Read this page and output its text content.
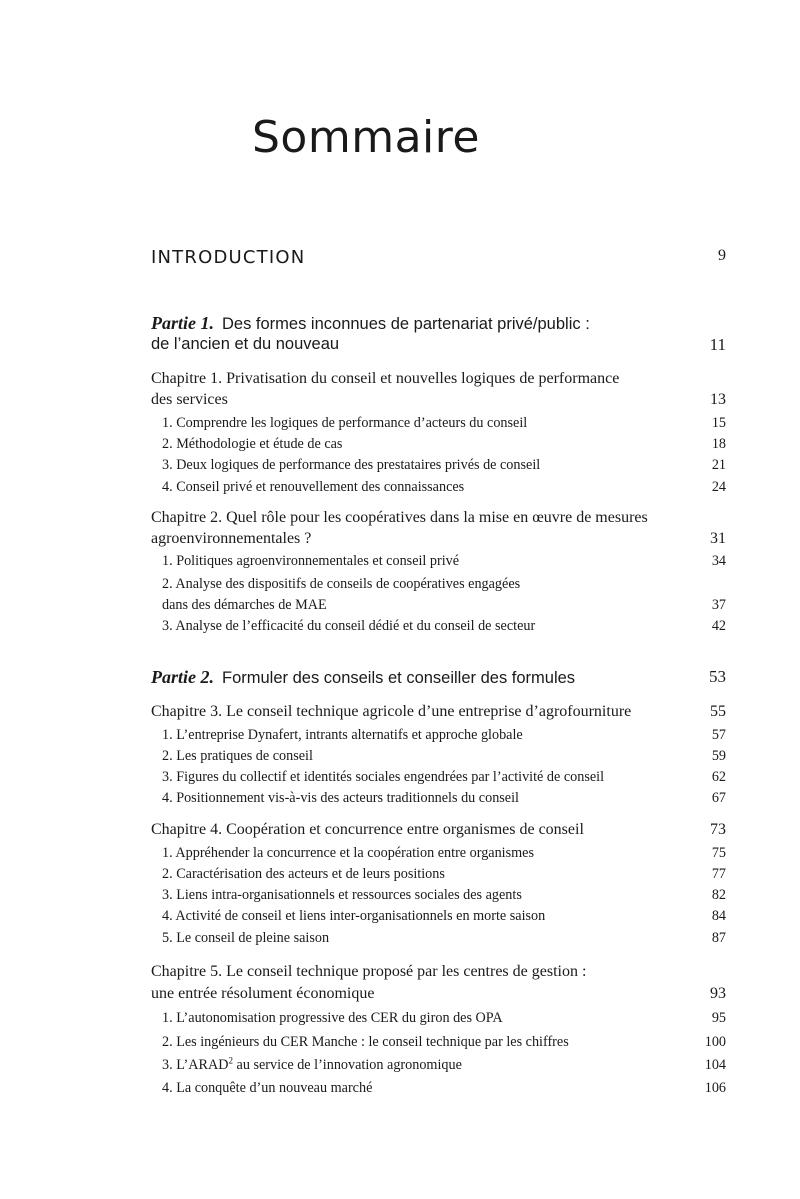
Sommaire
INTRODUCTION	9
Partie 1. Des formes inconnues de partenariat privé/public :
de l’ancien et du nouveau	11
Chapitre 1. Privatisation du conseil et nouvelles logiques de performance
des services	13
1. Comprendre les logiques de performance d’acteurs du conseil	15
2. Méthodologie et étude de cas	18
3. Deux logiques de performance des prestataires privés de conseil	21
4. Conseil privé et renouvellement des connaissances	24
Chapitre 2. Quel rôle pour les coopératives dans la mise en œuvre de mesures
agroenvironnementales ?	31
1. Politiques agroenvironnementales et conseil privé	34
2. Analyse des dispositifs de conseils de coopératives engagées
dans des démarches de MAE	37
3. Analyse de l’efficacité du conseil dédié et du conseil de secteur	42
Partie 2. Formuler des conseils et conseiller des formules	53
Chapitre 3. Le conseil technique agricole d’une entreprise d’agrofourniture	55
1. L’entreprise Dynafert, intrants alternatifs et approche globale	57
2. Les pratiques de conseil	59
3. Figures du collectif et identités sociales engendrées par l’activité de conseil	62
4. Positionnement vis-à-vis des acteurs traditionnels du conseil	67
Chapitre 4. Coopération et concurrence entre organismes de conseil	73
1. Appréhender la concurrence et la coopération entre organismes	75
2. Caractérisation des acteurs et de leurs positions	77
3. Liens intra-organisationnels et ressources sociales des agents	82
4. Activité de conseil et liens inter-organisationnels en morte saison	84
5. Le conseil de pleine saison	87
Chapitre 5. Le conseil technique proposé par les centres de gestion :
une entrée résolument économique	93
1. L’autonomisation progressive des CER du giron des OPA	95
2. Les ingénieurs du CER Manche : le conseil technique par les chiffres	100
3. L’ARAD$^2$ au service de l’innovation agronomique	104
4. La conquête d’un nouveau marché	106
